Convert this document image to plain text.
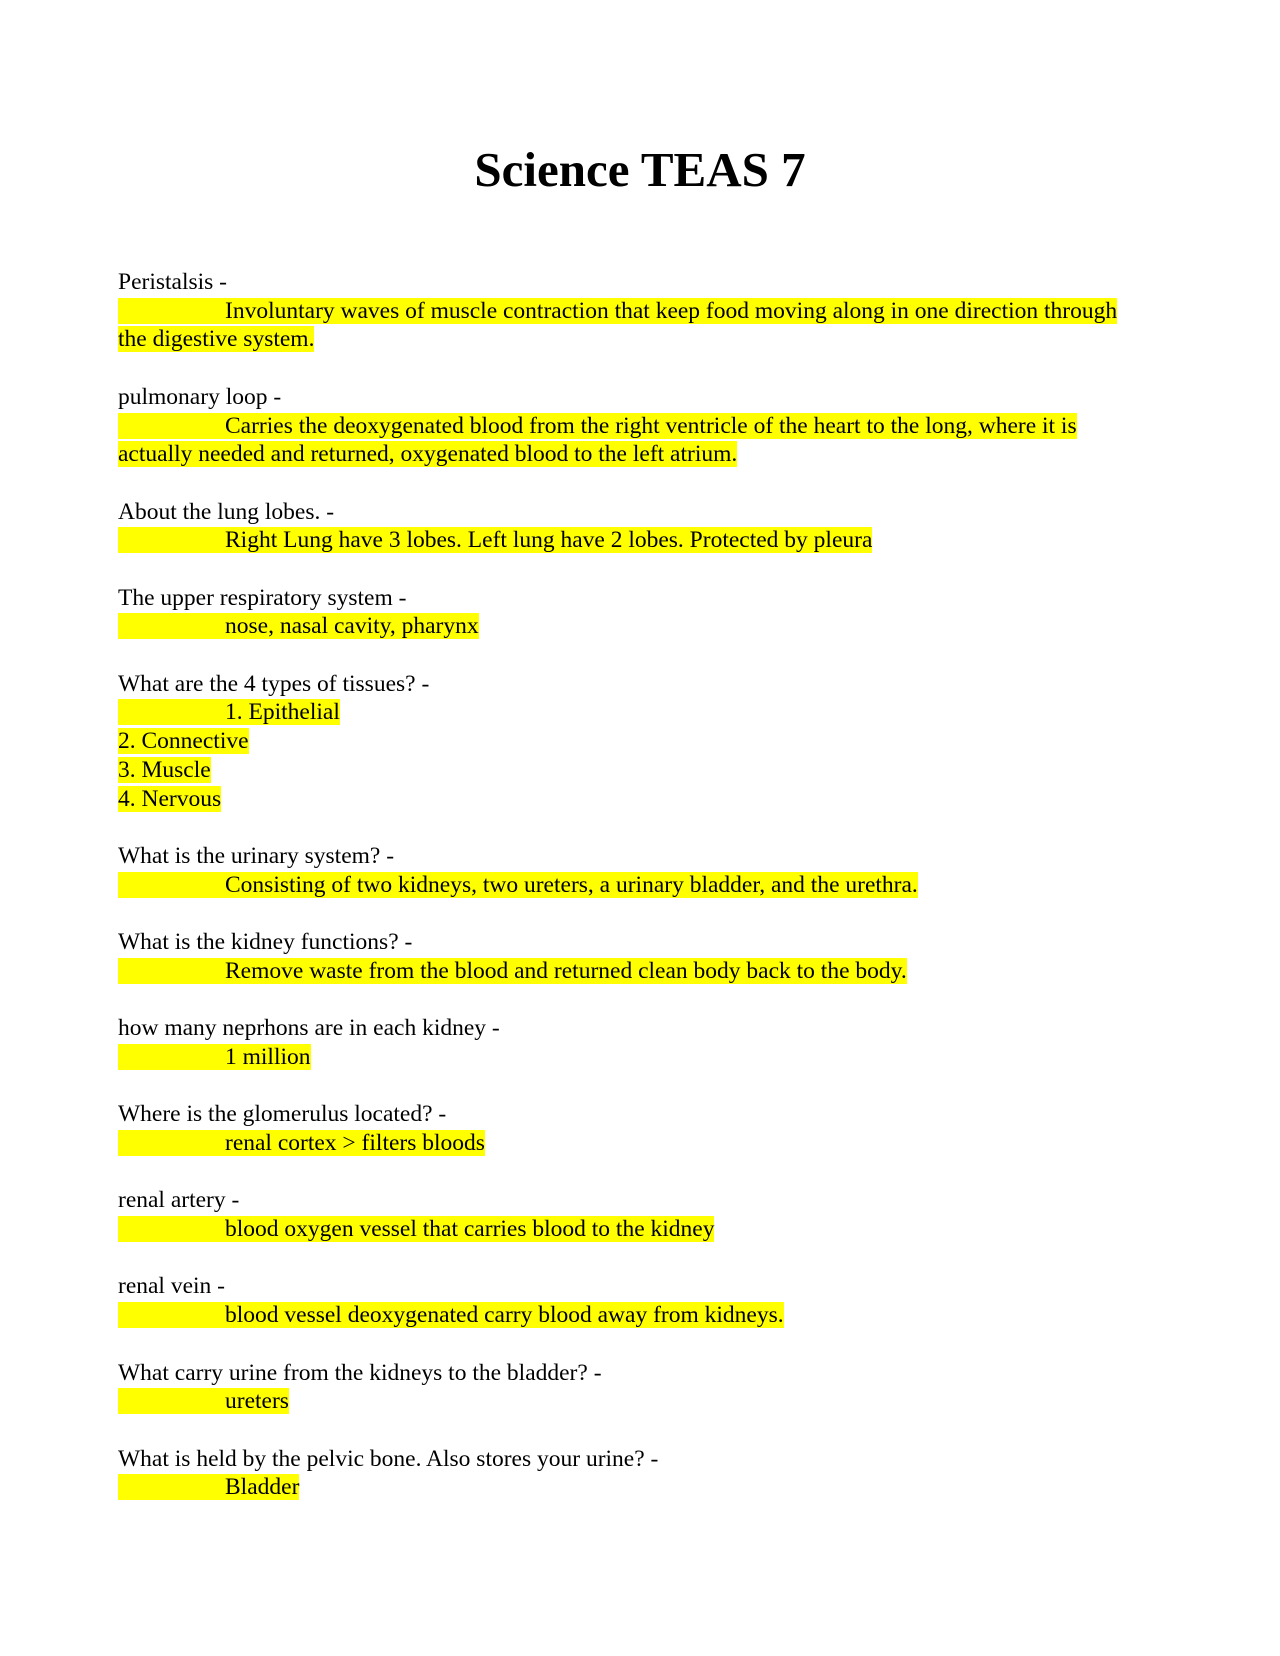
Science TEAS 7
Peristalsis -
Involuntary waves of muscle contraction that keep food moving along in one direction through the digestive system.
pulmonary loop -
Carries the deoxygenated blood from the right ventricle of the heart to the long, where it is actually needed and returned, oxygenated blood to the left atrium.
About the lung lobes. -
Right Lung have 3 lobes. Left lung have 2 lobes. Protected by pleura
The upper respiratory system -
nose, nasal cavity, pharynx
What are the 4 types of tissues? -
1. Epithelial
2. Connective
3. Muscle
4. Nervous
What is the urinary system? -
Consisting of two kidneys, two ureters, a urinary bladder, and the urethra.
What is the kidney functions? -
Remove waste from the blood and returned clean body back to the body.
how many neprhons are in each kidney -
1 million
Where is the glomerulus located? -
renal cortex > filters bloods
renal artery -
blood oxygen vessel that carries blood to the kidney
renal vein -
blood vessel deoxygenated carry blood away from kidneys.
What carry urine from the kidneys to the bladder? -
ureters
What is held by the pelvic bone. Also stores your urine? -
Bladder
